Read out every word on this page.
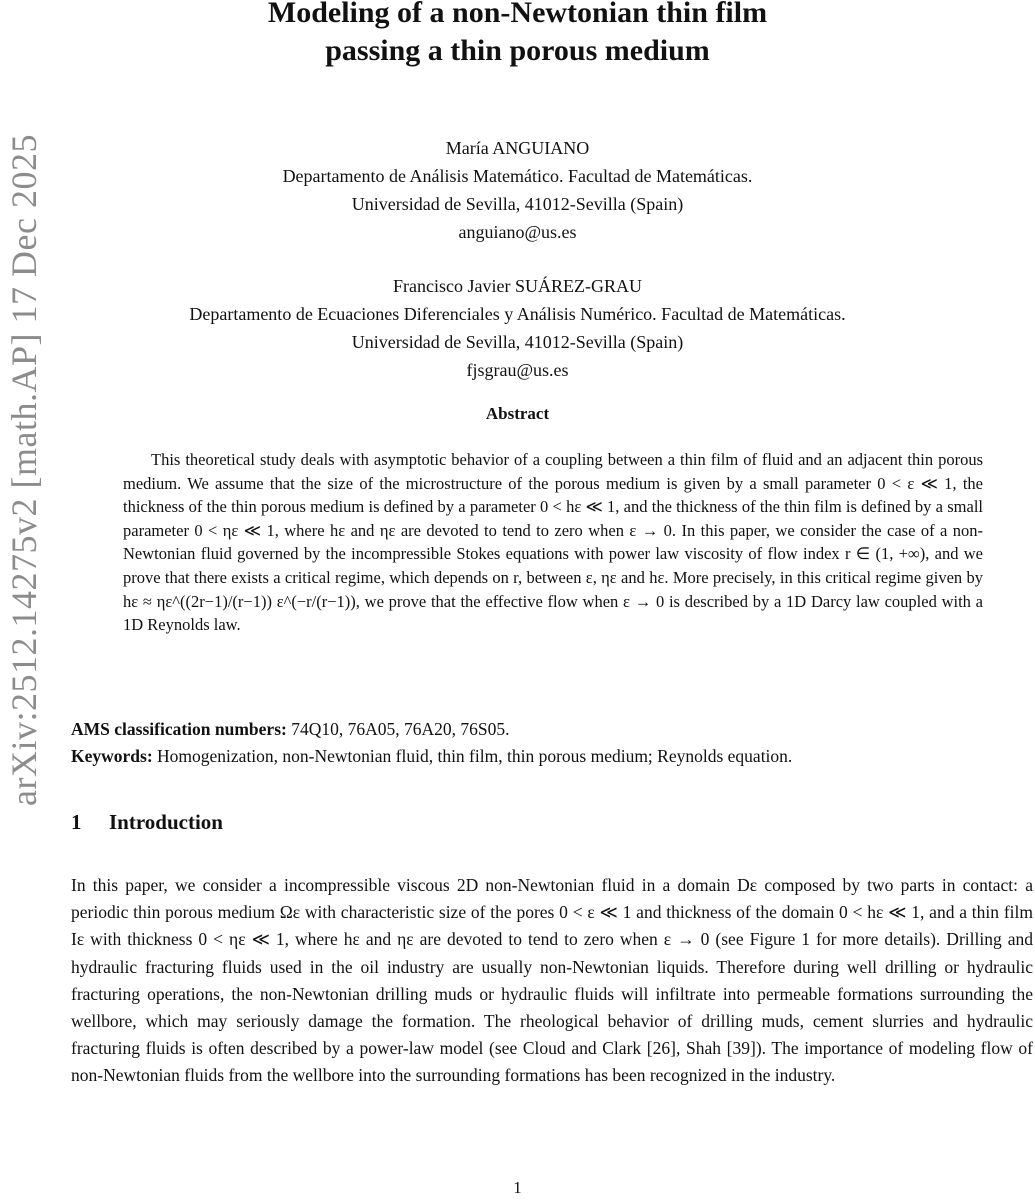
arXiv:2512.14275v2 [math.AP] 17 Dec 2025
Modeling of a non-Newtonian thin film
passing a thin porous medium
María ANGUIANO
Departamento de Análisis Matemático. Facultad de Matemáticas.
Universidad de Sevilla, 41012-Sevilla (Spain)
anguiano@us.es
Francisco Javier SUÁREZ-GRAU
Departamento de Ecuaciones Diferenciales y Análisis Numérico. Facultad de Matemáticas.
Universidad de Sevilla, 41012-Sevilla (Spain)
fjsgrau@us.es
Abstract
This theoretical study deals with asymptotic behavior of a coupling between a thin film of fluid and an adjacent thin porous medium. We assume that the size of the microstructure of the porous medium is given by a small parameter 0 < ε ≪ 1, the thickness of the thin porous medium is defined by a parameter 0 < hε ≪ 1, and the thickness of the thin film is defined by a small parameter 0 < ηε ≪ 1, where hε and ηε are devoted to tend to zero when ε → 0. In this paper, we consider the case of a non-Newtonian fluid governed by the incompressible Stokes equations with power law viscosity of flow index r ∈ (1, +∞), and we prove that there exists a critical regime, which depends on r, between ε, ηε and hε. More precisely, in this critical regime given by hε ≈ ηε^((2r−1)/(r−1)) ε^(−r/(r−1)), we prove that the effective flow when ε → 0 is described by a 1D Darcy law coupled with a 1D Reynolds law.
AMS classification numbers: 74Q10, 76A05, 76A20, 76S05.
Keywords: Homogenization, non-Newtonian fluid, thin film, thin porous medium; Reynolds equation.
1 Introduction
In this paper, we consider a incompressible viscous 2D non-Newtonian fluid in a domain Dε composed by two parts in contact: a periodic thin porous medium Ωε with characteristic size of the pores 0 < ε ≪ 1 and thickness of the domain 0 < hε ≪ 1, and a thin film Iε with thickness 0 < ηε ≪ 1, where hε and ηε are devoted to tend to zero when ε → 0 (see Figure 1 for more details). Drilling and hydraulic fracturing fluids used in the oil industry are usually non-Newtonian liquids. Therefore during well drilling or hydraulic fracturing operations, the non-Newtonian drilling muds or hydraulic fluids will infiltrate into permeable formations surrounding the wellbore, which may seriously damage the formation. The rheological behavior of drilling muds, cement slurries and hydraulic fracturing fluids is often described by a power-law model (see Cloud and Clark [26], Shah [39]). The importance of modeling flow of non-Newtonian fluids from the wellbore into the surrounding formations has been recognized in the industry.
1
